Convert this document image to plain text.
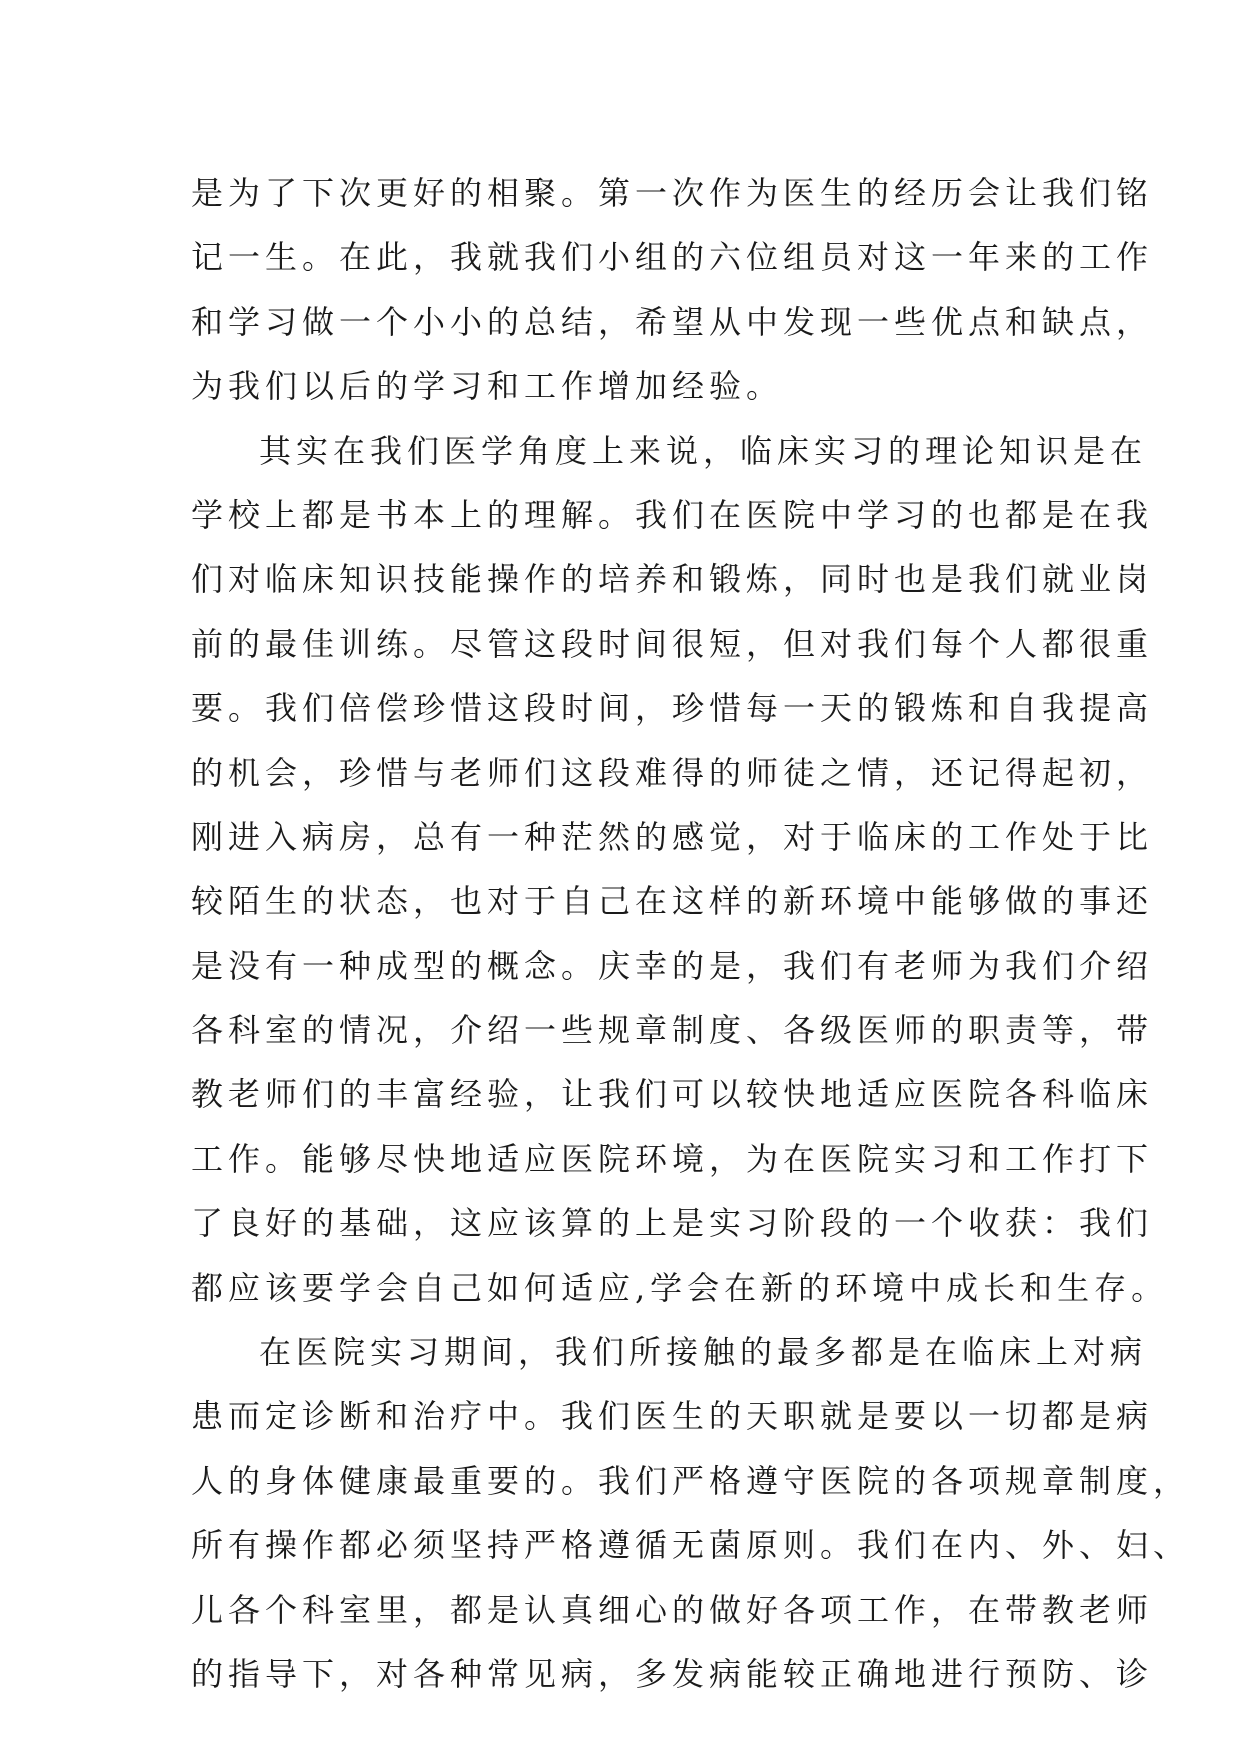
是为了下次更好的相聚。第一次作为医生的经历会让我们铭
记一生。在此，我就我们小组的六位组员对这一年来的工作
和学习做一个小小的总结，希望从中发现一些优点和缺点，
为我们以后的学习和工作增加经验。
其实在我们医学角度上来说，临床实习的理论知识是在
学校上都是书本上的理解。我们在医院中学习的也都是在我
们对临床知识技能操作的培养和锻炼，同时也是我们就业岗
前的最佳训练。尽管这段时间很短，但对我们每个人都很重
要。我们倍偿珍惜这段时间，珍惜每一天的锻炼和自我提高
的机会，珍惜与老师们这段难得的师徒之情，还记得起初，
刚进入病房，总有一种茫然的感觉，对于临床的工作处于比
较陌生的状态，也对于自己在这样的新环境中能够做的事还
是没有一种成型的概念。庆幸的是，我们有老师为我们介绍
各科室的情况，介绍一些规章制度、各级医师的职责等，带
教老师们的丰富经验，让我们可以较快地适应医院各科临床
工作。能够尽快地适应医院环境，为在医院实习和工作打下
了良好的基础，这应该算的上是实习阶段的一个收获：我们
都应该要学会自己如何适应,学会在新的环境中成长和生存。
在医院实习期间，我们所接触的最多都是在临床上对病
患而定诊断和治疗中。我们医生的天职就是要以一切都是病
人的身体健康最重要的。我们严格遵守医院的各项规章制度，
所有操作都必须坚持严格遵循无菌原则。我们在内、外、妇、
儿各个科室里，都是认真细心的做好各项工作，在带教老师
的指导下，对各种常见病，多发病能较正确地进行预防、诊
